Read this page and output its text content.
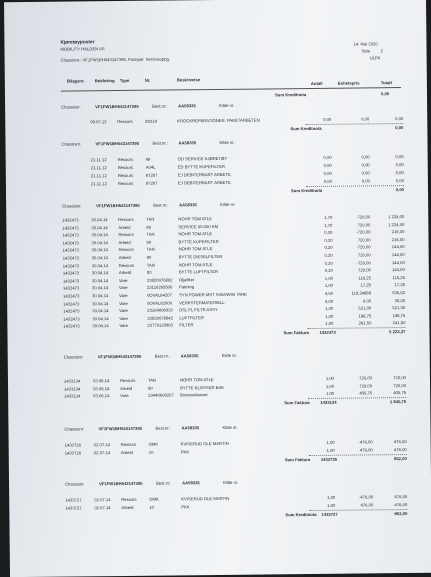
Kjøretøyposter
MOBILITY HALDEN AS
Chassisnr.: VF1FW1BH543147395, Postype: Serviceoppg.
14. Mai 2020
Side	2
ULFK
Bilagsnr. Bokføring Type	Nr.	Beskrivelse
Antall	Enhetspris	Totalt
Sum Kreditnota	0,00
Chassisnr.	VF1FW1BH543147395	Best.nr.:	AA58335	Kilde nr.
09.07.12	Ressurs	80219	KROCKREPARATIONER, PAKETARBETEN	0,00	0,00	0,00
Sum Kreditnota	0,00
Chassisnr.	VF1FW1BH543147395	Best.nr.:	AA58335	Kilde nr.
21.11.12	Ressurs	48	OD SERVICE KJØRETØY	0,00	0,00	0,00
21.11.12	Ressurs	A04L	ED BYTTE KUPEFILTER	0,00	0,00	0,00
21.11.12	Ressurs	87267	EJ DEBITERBART ARBETE	0,00	0,00	0,00
21.11.12	Ressurs	87267	EJ DEBITERBART ARBETE	0,00	0,00	0,00
Sum Kreditnota	0,00
Chassisnr.	VF1FW1BH543147395	Best.nr.:	AA58335	Kilde nr.
1432473	30.04.14	Ressurs	TAN	NOHR TOM ATLE	1,70	-720,00	1 224,00
1432473	30.04.14	Arbeid	80	SERVICE 60.000 KM	1,70	720,00	1 224,00
1432473	30.04.14	Ressurs	TAN	NOHR TOM ATLE	0,30	-720,00	216,00
1432473	30.04.14	Arbeid	80	BYTTE KUPEFILTER	0,30	720,00	216,00
1432473	30.04.14	Ressurs	TAN	NOHR TOM ATLE	0,20	-720,00	144,00
1432473	30.04.14	Arbeid	80	BYTTE DIESELFILTER	0,20	720,00	144,00
1432473	30.04.14	Ressurs	TAN	NOHR TOM ATLE	0,20	-720,00	144,00
1432473	30.04.14	Arbeid	80	BYTTE LUFTFILTER	0,20	720,00	144,00
1432473	30.04.14	Vare	23820076892 Oljefilter	1,00	116,25	116,25
1432473	30.04.14	Vare	23110265506 Pakning	1,00	17,25	17,25
1432473	30.04.14	Vare	0OVAL84207 SYN POWER MST SAE0W40 TANK	4,50	119,24889	536,62
1432473	30.04.14	Vare	0OVAL82000 VERKSTEDMATERIELL	4,00	9,00	36,00
1432473	30.04.14	Vare	23164006033 DSL FL FILTR ASSY	1,00	521,00	521,00
1432473	30.04.14	Vare	23820078842 LUFTFILTER	1,00	198,75	198,75
1432473	30.04.14	Vare	23770120963 FILTER	1,00	241,50	241,50
Sum Faktura	1432473	5 223,37
Chassisnr.	VF1FW1BH543147395	Best.nr.:	AA58335	Kilde nr.
1433134	03.06.14	Ressurs	TAN	NOHR TOM ATLE	1,00	-720,00	720,00
1433134	03.06.14	Arbeid	80	BYTTE KLOSSER BAK	1,00	720,00	720,00
1433134	03.06.14	Vare	23440608267 Bremseklosser	1,00	405,75	405,75
Sum Faktura	1433134	1 845,75
Chassisnr.	VF1FW1BH543147395	Best.nr.:	AA58335	Kilde nr.
1433726	02.07.14	Ressurs	OMK	KVISERUD OLE MARTIN	1,00	-476,00	476,00
1433726	02.07.14	Arbeid	10	PKK	1,00	476,00	476,00
Sum Faktura	1433726	952,00
Chassisnr.	VF1FW1BH543147395	Best.nr.:	AA58335	Kilde nr.
1433727	02.07.14	Ressurs	OMK	KVISERUD OLE MARTIN	1,00	-476,00	476,00
1433727	02.07.14	Arbeid	10	PKK	1,00	476,00	-476,00
Sum Kreditnota 1433727	-952,00
